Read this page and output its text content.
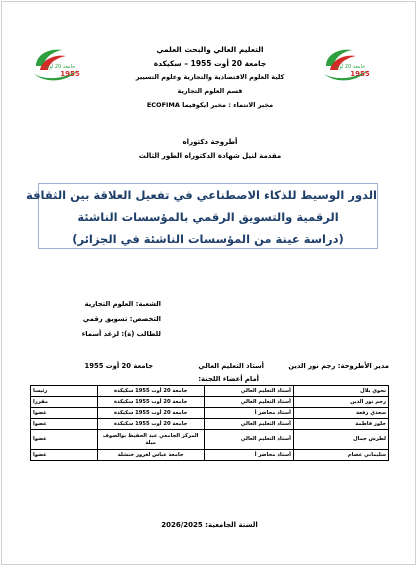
جامعة 20 أوت
1955
جامعة 20 أوت
1955
التعليم العالي والبحث العلمي
جامعة 20 أوت 1955 – سكيكدة
كلية العلوم الاقتصادية والتجارية وعلوم التسيير
قسم العلوم التجارية
مخبر الانتماء : مخبر ايكوفيما ECOFIMA
أطروحة دكتوراه
مقدمة لنيل شهادة الدكتوراه الطور الثالث
الدور الوسيط للذكاء الاصطناعي في تفعيل العلاقة بين الثقافة
الرقمية والتسويق الرقمي بالمؤسسات الناشئة
(دراسة عينة من المؤسسات الناشئة في الجزائر)
الشعبة: العلوم التجارية
التخصص: تسويق رقمي
للطالب (ة): لزغد أسماء
مدير الأطروحة: رجم نور الدين
أستاذ التعليم العالي
جامعة 20 أوت 1955
أمام أعضاء اللجنة:
نحوي بلال	أستاذ التعليم العالي	جامعة 20 أوت 1955 سكيكدة	رئيسا
رجم نور الدين	أستاذ التعليم العالي	جامعة 20 أوت 1955 سكيكدة	مقررا
سعدي رفعة	أستاذ محاضر أ	جامعة 20 أوت 1955 سكيكدة	عضوا
حلوز فاطمة	أستاذ التعليم العالي	جامعة 20 أوت 1955 سكيكدة	عضوا
لطرش جمال	أستاذ التعليم العالي	المركز الجامعي عبد الحفيظ بوالصوف ميلة	عضوا
سليماني عصام	أستاذ محاضر أ	جامعة عباس لغرور خنشلة	عضوا
السنة الجامعية: 2026/2025
